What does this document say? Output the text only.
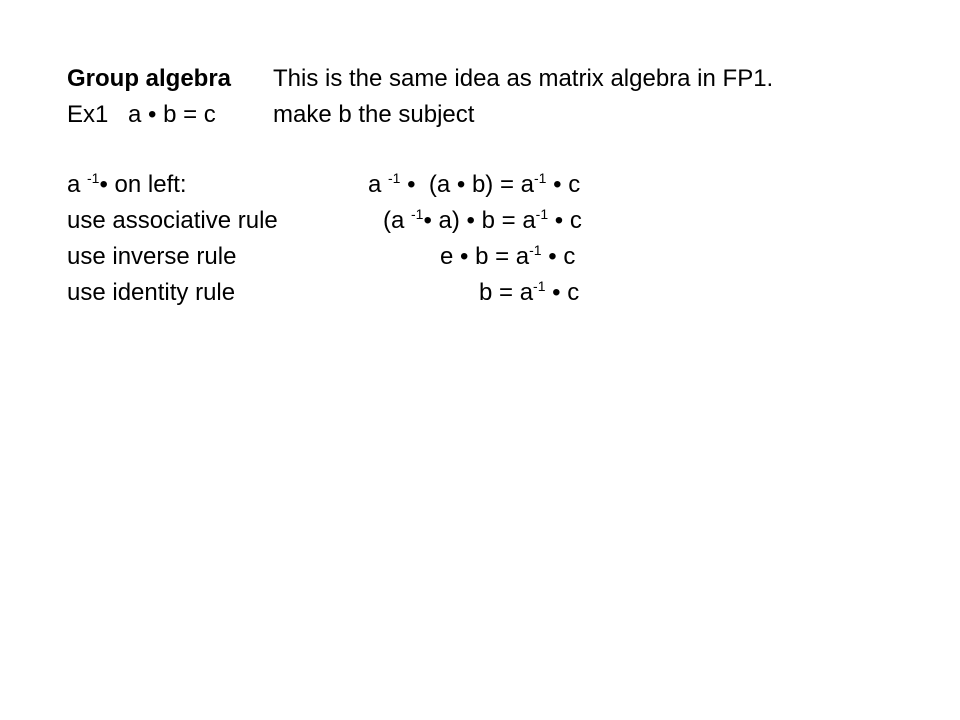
Group algebra This is the same idea as matrix algebra in FP1.
Ex1 a • b = c make b the subject
a $^{-1}$• on left:	a $^{-1}$ •  (a • $b) = a^{-1}$ • c
use associative rule	(a $^{-1}$• a) • $b = a^{-1}$ • c
use inverse rule	e • $b = a^{-1}$ • c
use identity rule	$b = a^{-1}$ • c
